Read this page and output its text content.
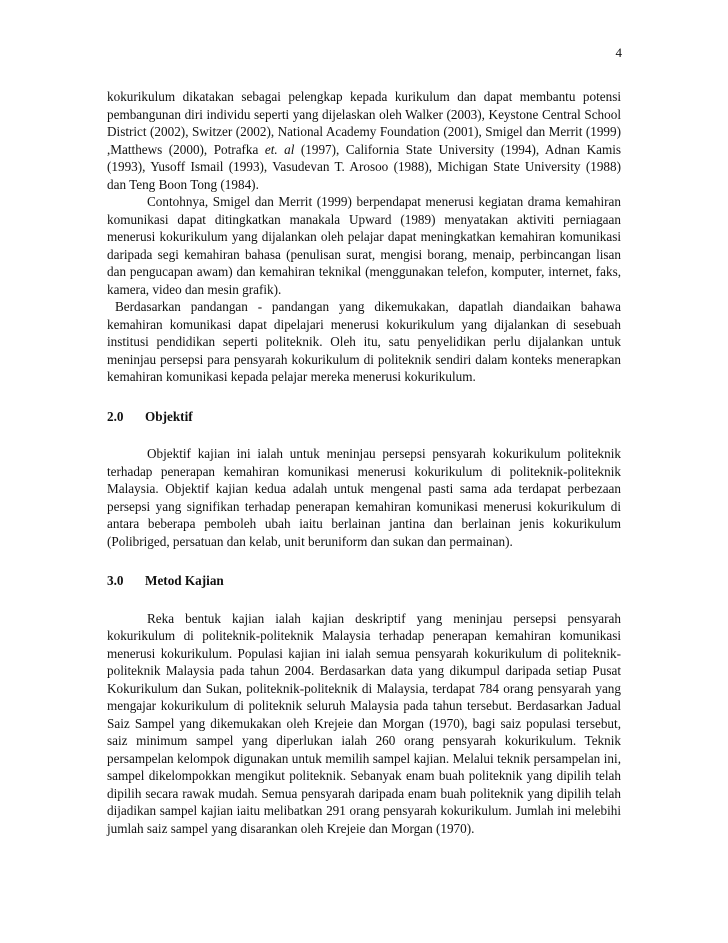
4

kokurikulum dikatakan sebagai pelengkap kepada kurikulum dan dapat membantu potensi pembangunan diri individu seperti yang dijelaskan oleh Walker (2003), Keystone Central School District (2002), Switzer (2002), National Academy Foundation (2001), Smigel dan Merrit (1999) ,Matthews (2000), Potrafka et. al (1997), California State University (1994), Adnan Kamis (1993), Yusoff Ismail (1993), Vasudevan T. Arosoo (1988), Michigan State University (1988) dan Teng Boon Tong (1984).

Contohnya, Smigel dan Merrit (1999) berpendapat menerusi kegiatan drama kemahiran komunikasi dapat ditingkatkan manakala Upward (1989) menyatakan aktiviti perniagaan menerusi kokurikulum yang dijalankan oleh pelajar dapat meningkatkan kemahiran komunikasi daripada segi kemahiran bahasa (penulisan surat, mengisi borang, menaip, perbincangan lisan dan pengucapan awam) dan kemahiran teknikal (menggunakan telefon, komputer, internet, faks, kamera, video dan mesin grafik).

Berdasarkan pandangan - pandangan yang dikemukakan, dapatlah diandaikan bahawa kemahiran komunikasi dapat dipelajari menerusi kokurikulum yang dijalankan di sesebuah institusi pendidikan seperti politeknik. Oleh itu, satu penyelidikan perlu dijalankan untuk meninjau persepsi para pensyarah kokurikulum di politeknik sendiri dalam konteks menerapkan kemahiran komunikasi kepada pelajar mereka menerusi kokurikulum.

2.0 Objektif

Objektif kajian ini ialah untuk meninjau persepsi pensyarah kokurikulum politeknik terhadap penerapan kemahiran komunikasi menerusi kokurikulum di politeknik-politeknik Malaysia. Objektif kajian kedua adalah untuk mengenal pasti sama ada terdapat perbezaan persepsi yang signifikan terhadap penerapan kemahiran komunikasi menerusi kokurikulum di antara beberapa pemboleh ubah iaitu berlainan jantina dan berlainan jenis kokurikulum (Polibriged, persatuan dan kelab, unit beruniform dan sukan dan permainan).

3.0 Metod Kajian

Reka bentuk kajian ialah kajian deskriptif yang meninjau persepsi pensyarah kokurikulum di politeknik-politeknik Malaysia terhadap penerapan kemahiran komunikasi menerusi kokurikulum. Populasi kajian ini ialah semua pensyarah kokurikulum di politeknik-politeknik Malaysia pada tahun 2004. Berdasarkan data yang dikumpul daripada setiap Pusat Kokurikulum dan Sukan, politeknik-politeknik di Malaysia, terdapat 784 orang pensyarah yang mengajar kokurikulum di politeknik seluruh Malaysia pada tahun tersebut. Berdasarkan Jadual Saiz Sampel yang dikemukakan oleh Krejeie dan Morgan (1970), bagi saiz populasi tersebut, saiz minimum sampel yang diperlukan ialah 260 orang pensyarah kokurikulum. Teknik persampelan kelompok digunakan untuk memilih sampel kajian. Melalui teknik persampelan ini, sampel dikelompokkan mengikut politeknik. Sebanyak enam buah politeknik yang dipilih telah dipilih secara rawak mudah. Semua pensyarah daripada enam buah politeknik yang dipilih telah dijadikan sampel kajian iaitu melibatkan 291 orang pensyarah kokurikulum. Jumlah ini melebihi jumlah saiz sampel yang disarankan oleh Krejeie dan Morgan (1970).
